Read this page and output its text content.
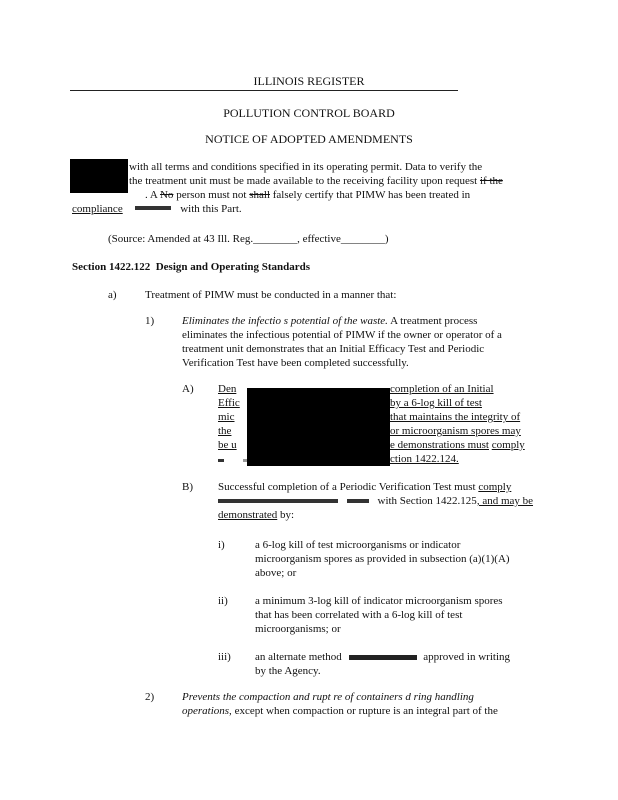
ILLINOIS REGISTER
POLLUTION CONTROL BOARD
NOTICE OF ADOPTED AMENDMENTS
with all terms and conditions specified in its operating permit. Data to verify the
the treatment unit must be made available to the receiving facility upon request if the
. A No person must not shall falsely certify that PIMW has been treated in
compliance	with this Part.
(Source: Amended at 43 Ill. Reg.________, effective________)
Section 1422.122 Design and Operating Standards
a)	Treatment of PIMW must be conducted in a manner that:
1)	Eliminates the infectio s potential of the waste. A treatment process
eliminates the infectious potential of PIMW if the owner or operator of a
treatment unit demonstrates that an Initial Efficacy Test and Periodic
Verification Test have been completed successfully.
A) Den	completion of an Initial
Effic	by a 6-log kill of test
mic	that maintains the integrity of
the	or microorganism spores may
be u	e demonstrations must comply

ction 1422.124.
B) Successful completion of a Periodic Verification Test must comply
with Section 1422.125, and may be
demonstrated by:
i)	a 6-log kill of test microorganisms or indicator
microorganism spores as provided in subsection (a)(1)(A)
above; or
ii) a minimum 3-log kill of indicator microorganism spores
that has been correlated with a 6-log kill of test
microorganisms; or
iii) an alternate method	approved in writing
by the Agency.
2)	Prevents the compaction and rupt re of containers d ring handling
operations, except when compaction or rupture is an integral part of the
